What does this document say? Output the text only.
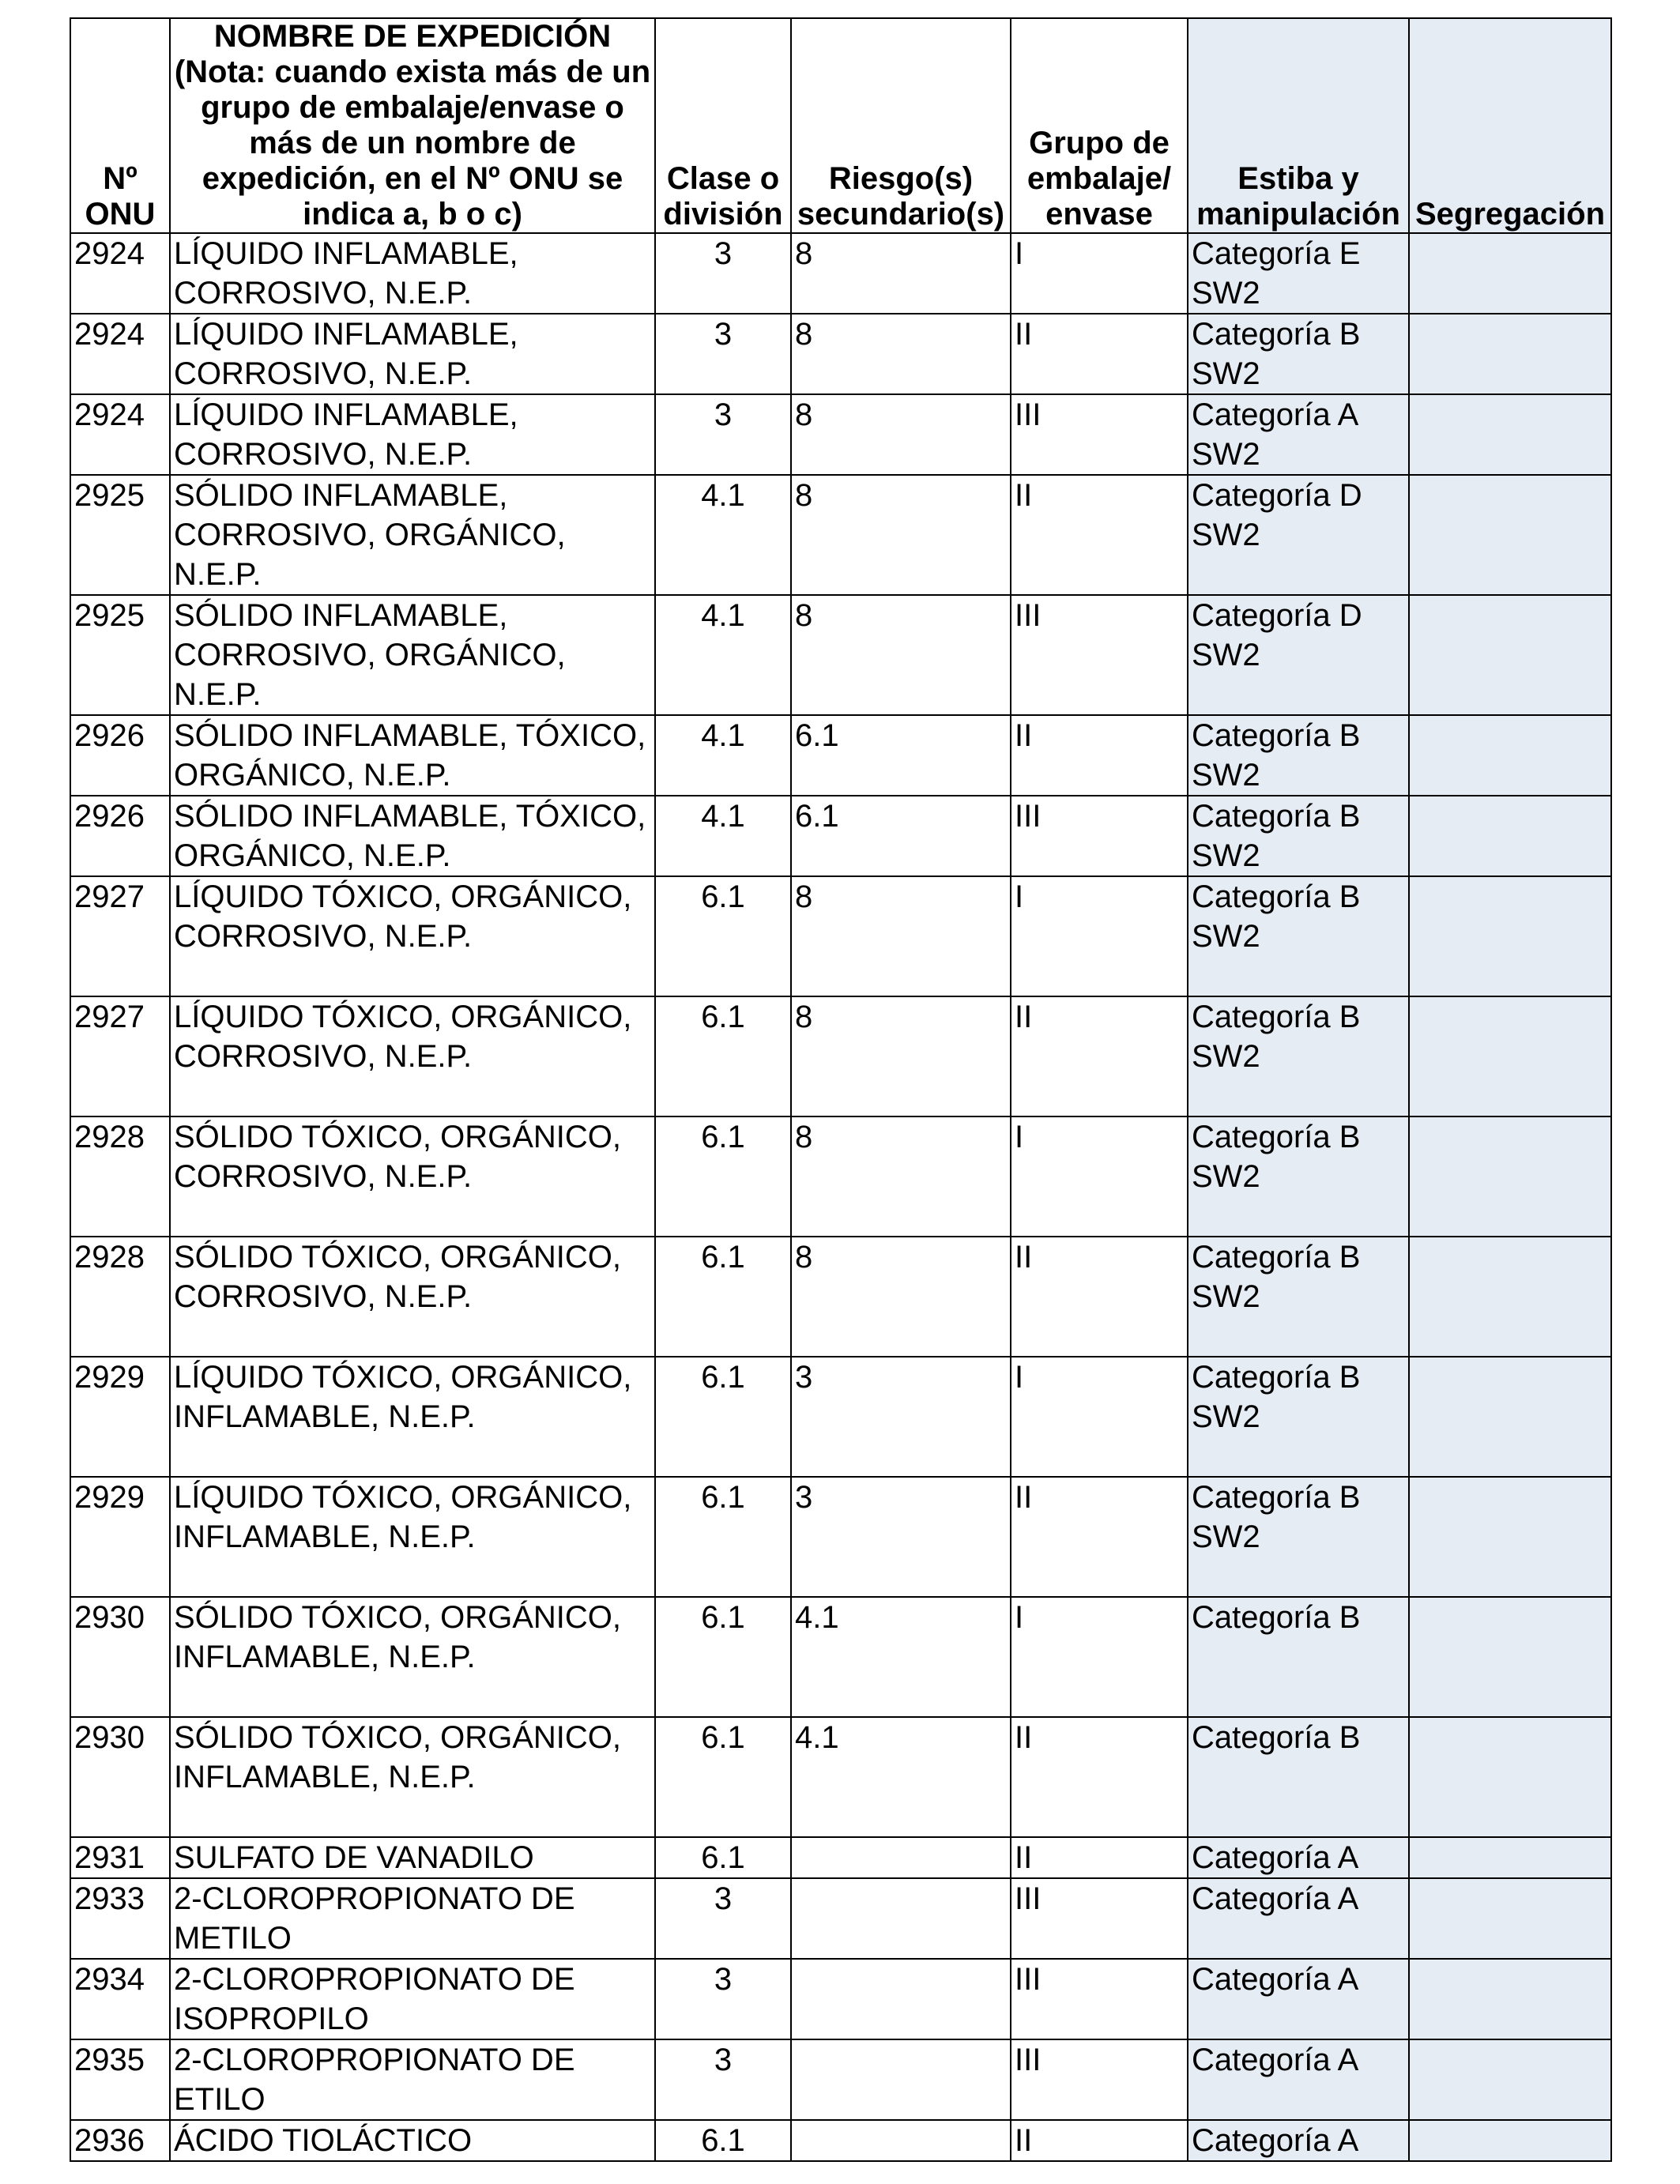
Nº ONU	NOMBRE DE EXPEDICIÓN (Nota: cuando exista más de un grupo de embalaje/envase o más de un nombre de expedición, en el Nº ONU se indica a, b o c)	Clase o división	Riesgo(s) secundario(s)	Grupo de embalaje/ envase	Estiba y manipulación	Segregación
2924	LÍQUIDO INFLAMABLE, CORROSIVO, N.E.P.	3	8	I	Categoría E SW2	
2924	LÍQUIDO INFLAMABLE, CORROSIVO, N.E.P.	3	8	II	Categoría B SW2	
2924	LÍQUIDO INFLAMABLE, CORROSIVO, N.E.P.	3	8	III	Categoría A SW2	
2925	SÓLIDO INFLAMABLE, CORROSIVO, ORGÁNICO, N.E.P.	4.1	8	II	Categoría D SW2	
2925	SÓLIDO INFLAMABLE, CORROSIVO, ORGÁNICO, N.E.P.	4.1	8	III	Categoría D SW2	
2926	SÓLIDO INFLAMABLE, TÓXICO, ORGÁNICO, N.E.P.	4.1	6.1	II	Categoría B SW2	
2926	SÓLIDO INFLAMABLE, TÓXICO, ORGÁNICO, N.E.P.	4.1	6.1	III	Categoría B SW2	
2927	LÍQUIDO TÓXICO, ORGÁNICO, CORROSIVO, N.E.P.	6.1	8	I	Categoría B SW2	
2927	LÍQUIDO TÓXICO, ORGÁNICO, CORROSIVO, N.E.P.	6.1	8	II	Categoría B SW2	
2928	SÓLIDO TÓXICO, ORGÁNICO, CORROSIVO, N.E.P.	6.1	8	I	Categoría B SW2	
2928	SÓLIDO TÓXICO, ORGÁNICO, CORROSIVO, N.E.P.	6.1	8	II	Categoría B SW2	
2929	LÍQUIDO TÓXICO, ORGÁNICO, INFLAMABLE, N.E.P.	6.1	3	I	Categoría B SW2	
2929	LÍQUIDO TÓXICO, ORGÁNICO, INFLAMABLE, N.E.P.	6.1	3	II	Categoría B SW2	
2930	SÓLIDO TÓXICO, ORGÁNICO, INFLAMABLE, N.E.P.	6.1	4.1	I	Categoría B	
2930	SÓLIDO TÓXICO, ORGÁNICO, INFLAMABLE, N.E.P.	6.1	4.1	II	Categoría B	
2931	SULFATO DE VANADILO	6.1		II	Categoría A	
2933	2-CLOROPROPIONATO DE METILO	3		III	Categoría A	
2934	2-CLOROPROPIONATO DE ISOPROPILO	3		III	Categoría A	
2935	2-CLOROPROPIONATO DE ETILO	3		III	Categoría A	
2936	ÁCIDO TIOLÁCTICO	6.1		II	Categoría A	
